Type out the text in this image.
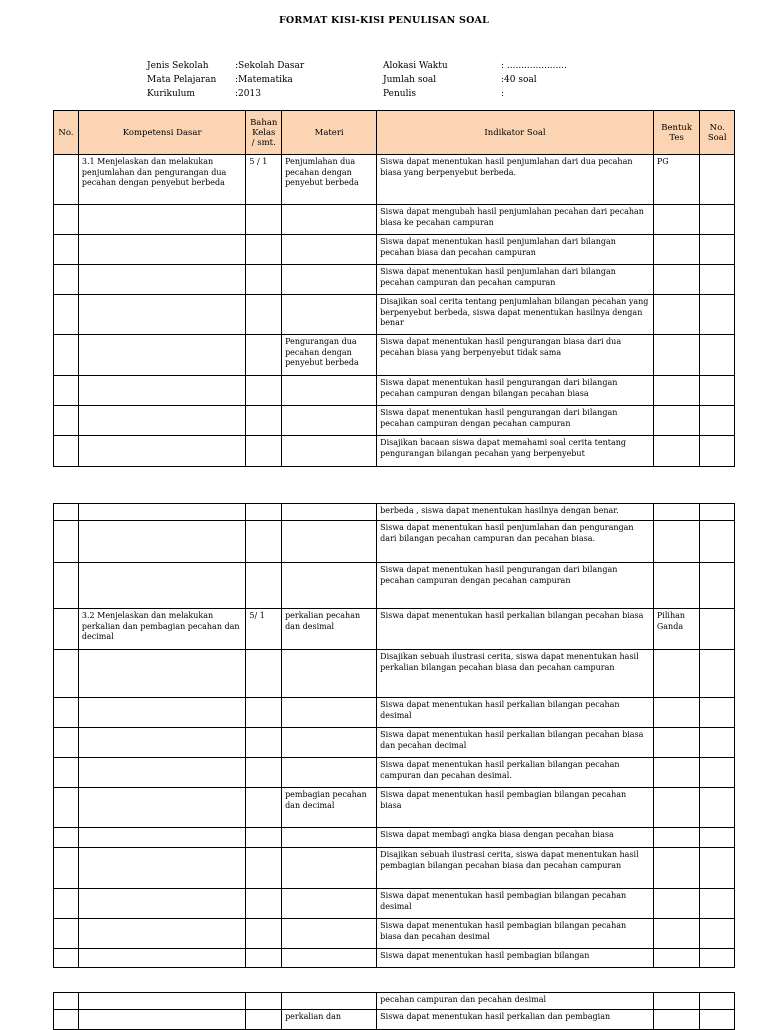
FORMAT KISI-KISI PENULISAN SOAL
Jenis Sekolah	:Sekolah Dasar
Mata Pelajaran :Matematika
Kurikulum	:2013
Alokasi Waktu	: .....................
Jumlah soal	:40 soal
Penulis	:
No.	Kompetensi Dasar	Bahan Kelas / smt.	Materi	Indikator Soal	Bentuk Tes	No. Soal
	3.1 Menjelaskan dan melakukan penjumlahan dan pengurangan dua pecahan dengan penyebut berbeda	5 / 1	Penjumlahan dua pecahan dengan penyebut berbeda	Siswa dapat menentukan hasil penjumlahan dari dua pecahan biasa yang berpenyebut berbeda.	PG	
				Siswa dapat mengubah hasil penjumlahan pecahan dari pecahan biasa ke pecahan campuran		
				Siswa dapat menentukan hasil penjumlahan dari bilangan pecahan biasa dan pecahan campuran		
				Siswa dapat menentukan hasil penjumlahan dari bilangan pecahan campuran dan pecahan campuran		
				Disajikan soal cerita tentang penjumlahan bilangan pecahan yang berpenyebut berbeda, siswa dapat menentukan hasilnya dengan benar		
			Pengurangan dua pecahan dengan penyebut berbeda	Siswa dapat menentukan hasil pengurangan biasa dari dua pecahan biasa yang berpenyebut tidak sama		
				Siswa dapat menentukan hasil pengurangan dari bilangan pecahan campuran dengan bilangan pecahan biasa		
				Siswa dapat menentukan hasil pengurangan dari bilangan pecahan campuran dengan pecahan campuran		
				Disajikan bacaan siswa dapat memahami soal cerita tentang pengurangan bilangan pecahan yang berpenyebut		
				berbeda , siswa dapat menentukan hasilnya dengan benar.		
				Siswa dapat menentukan hasil penjumlahan dan pengurangan dari bilangan pecahan campuran dan pecahan biasa.		
				Siswa dapat menentukan hasil pengurangan dari bilangan pecahan campuran dengan pecahan campuran		
	3.2 Menjelaskan dan melakukan perkalian dan pembagian pecahan dan decimal	5/ 1	perkalian pecahan dan desimal	Siswa dapat menentukan hasil perkalian bilangan pecahan biasa	Pilihan Ganda	
				Disajikan sebuah ilustrasi cerita, siswa dapat menentukan hasil perkalian bilangan pecahan biasa dan pecahan campuran		
				Siswa dapat menentukan hasil perkalian bilangan pecahan desimal		
				Siswa dapat menentukan hasil perkalian bilangan pecahan biasa dan pecahan decimal		
				Siswa dapat menentukan hasil perkalian bilangan pecahan campuran dan pecahan desimal.		
			pembagian pecahan dan decimal	Siswa dapat menentukan hasil pembagian bilangan pecahan biasa		
				Siswa dapat membagi angka biasa dengan pecahan biasa		
				Disajikan sebuah ilustrasi cerita, siswa dapat menentukan hasil pembagian bilangan pecahan biasa dan pecahan campuran		
				Siswa dapat menentukan hasil pembagian bilangan pecahan desimal		
				Siswa dapat menentukan hasil pembagian bilangan pecahan biasa dan pecahan desimal		
				Siswa dapat menentukan hasil pembagian bilangan		
				pecahan campuran dan pecahan desimal		
			perkalian dan	Siswa dapat menentukan hasil perkalian dan pembagian		
